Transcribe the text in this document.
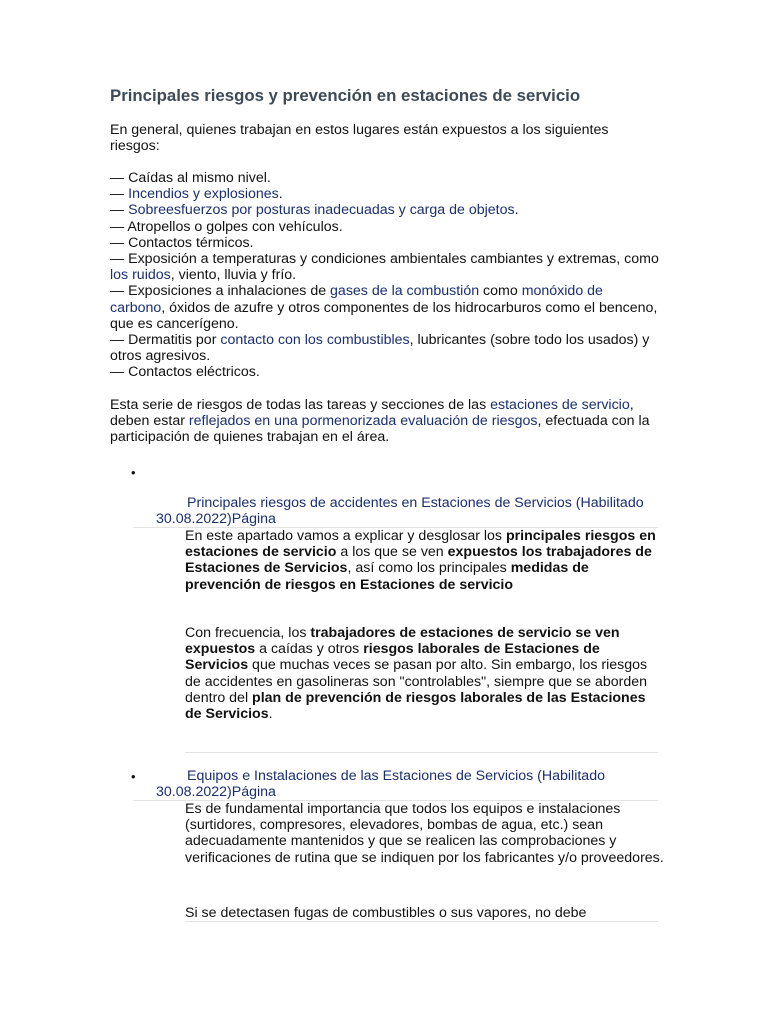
Principales riesgos y prevención en estaciones de servicio

En general, quienes trabajan en estos lugares están expuestos a los siguientes riesgos:

— Caídas al mismo nivel.
— Incendios y explosiones.
— Sobreesfuerzos por posturas inadecuadas y carga de objetos.
— Atropellos o golpes con vehículos.
— Contactos térmicos.
— Exposición a temperaturas y condiciones ambientales cambiantes y extremas, como los ruidos, viento, lluvia y frío.
— Exposiciones a inhalaciones de gases de la combustión como monóxido de carbono, óxidos de azufre y otros componentes de los hidrocarburos como el benceno, que es cancerígeno.
— Dermatitis por contacto con los combustibles, lubricantes (sobre todo los usados) y otros agresivos.
— Contactos eléctricos.

Esta serie de riesgos de todas las tareas y secciones de las estaciones de servicio, deben estar reflejados en una pormenorizada evaluación de riesgos, efectuada con la participación de quienes trabajan en el área.

•
Principales riesgos de accidentes en Estaciones de Servicios (Habilitado 30.08.2022)Página

En este apartado vamos a explicar y desglosar los principales riesgos en estaciones de servicio a los que se ven expuestos los trabajadores de Estaciones de Servicios, así como los principales medidas de prevención de riesgos en Estaciones de servicio

Con frecuencia, los trabajadores de estaciones de servicio se ven expuestos a caídas y otros riesgos laborales de Estaciones de Servicios que muchas veces se pasan por alto. Sin embargo, los riesgos de accidentes en gasolineras son "controlables", siempre que se aborden dentro del plan de prevención de riesgos laborales de las Estaciones de Servicios.

•	Equipos e Instalaciones de las Estaciones de Servicios (Habilitado 30.08.2022)Página

Es de fundamental importancia que todos los equipos e instalaciones (surtidores, compresores, elevadores, bombas de agua, etc.) sean adecuadamente mantenidos y que se realicen las comprobaciones y verificaciones de rutina que se indiquen por los fabricantes y/o proveedores.

Si se detectasen fugas de combustibles o sus vapores, no debe
